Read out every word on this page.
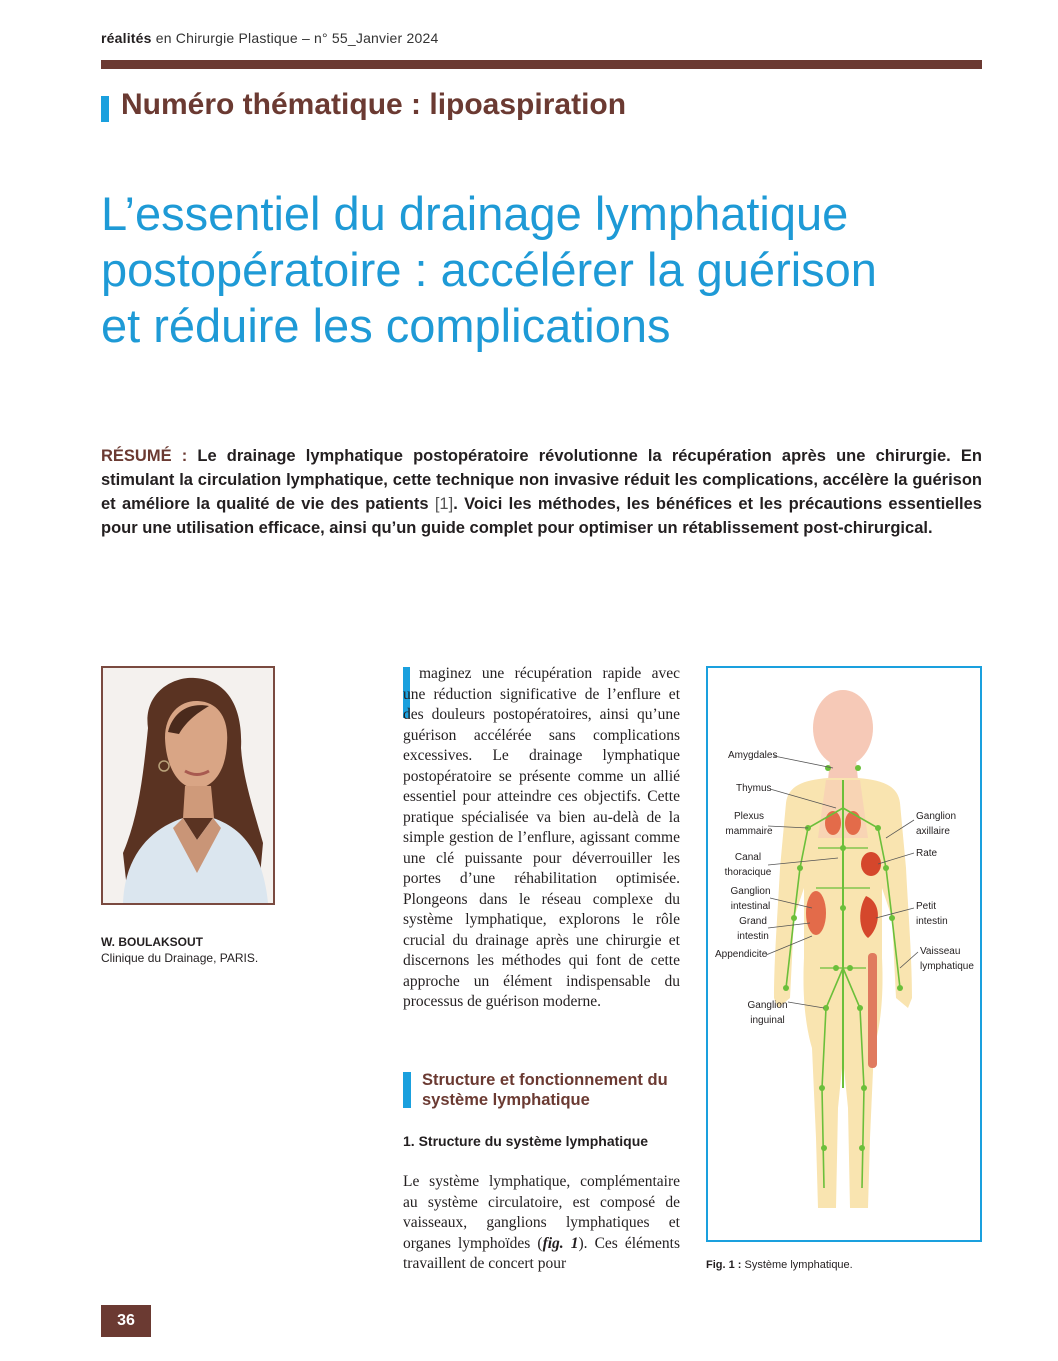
réalités en Chirurgie Plastique – n° 55_Janvier 2024
Numéro thématique : lipoaspiration
L’essentiel du drainage lymphatique
postopératoire : accélérer la guérison
et réduire les complications
RÉSUMÉ : Le drainage lymphatique postopératoire révolutionne la récupération après une chirurgie. En stimulant la circulation lymphatique, cette technique non invasive réduit les complications, accélère la guérison et améliore la qualité de vie des patients [1]. Voici les méthodes, les bénéfices et les précautions essentielles pour une utilisation efficace, ainsi qu’un guide complet pour optimiser un rétablissement post-chirurgical.
W. BOULAKSOUT
Clinique du Drainage, PARIS.
maginez une récupération rapide avec une réduction significative de l’enflure et des douleurs postopératoires, ainsi qu’une guérison accélérée sans complications excessives. Le drainage lymphatique postopératoire se présente comme un allié essentiel pour atteindre ces objectifs. Cette pratique spécialisée va bien au-delà de la simple gestion de l’enflure, agissant comme une clé puissante pour déverrouiller les portes d’une réhabilitation optimisée. Plongeons dans le réseau complexe du système lymphatique, explorons le rôle crucial du drainage après une chirurgie et discernons les méthodes qui font de cette approche un élément indispensable du processus de guérison moderne.
Structure et fonctionnement du système lymphatique
1. Structure du système lymphatique
Le système lymphatique, complémentaire au système circulatoire, est composé de vaisseaux, ganglions lymphatiques et organes lymphoïdes (fig. 1). Ces éléments travaillent de concert pour
Amygdales
Thymus
Plexus mammaire
Canal thoracique
Ganglion intestinal
Grand intestin
Appendicite
Ganglion inguinal
Ganglion axillaire
Rate
Petit intestin
Vaisseau lymphatique
Fig. 1 : Système lymphatique.
36
